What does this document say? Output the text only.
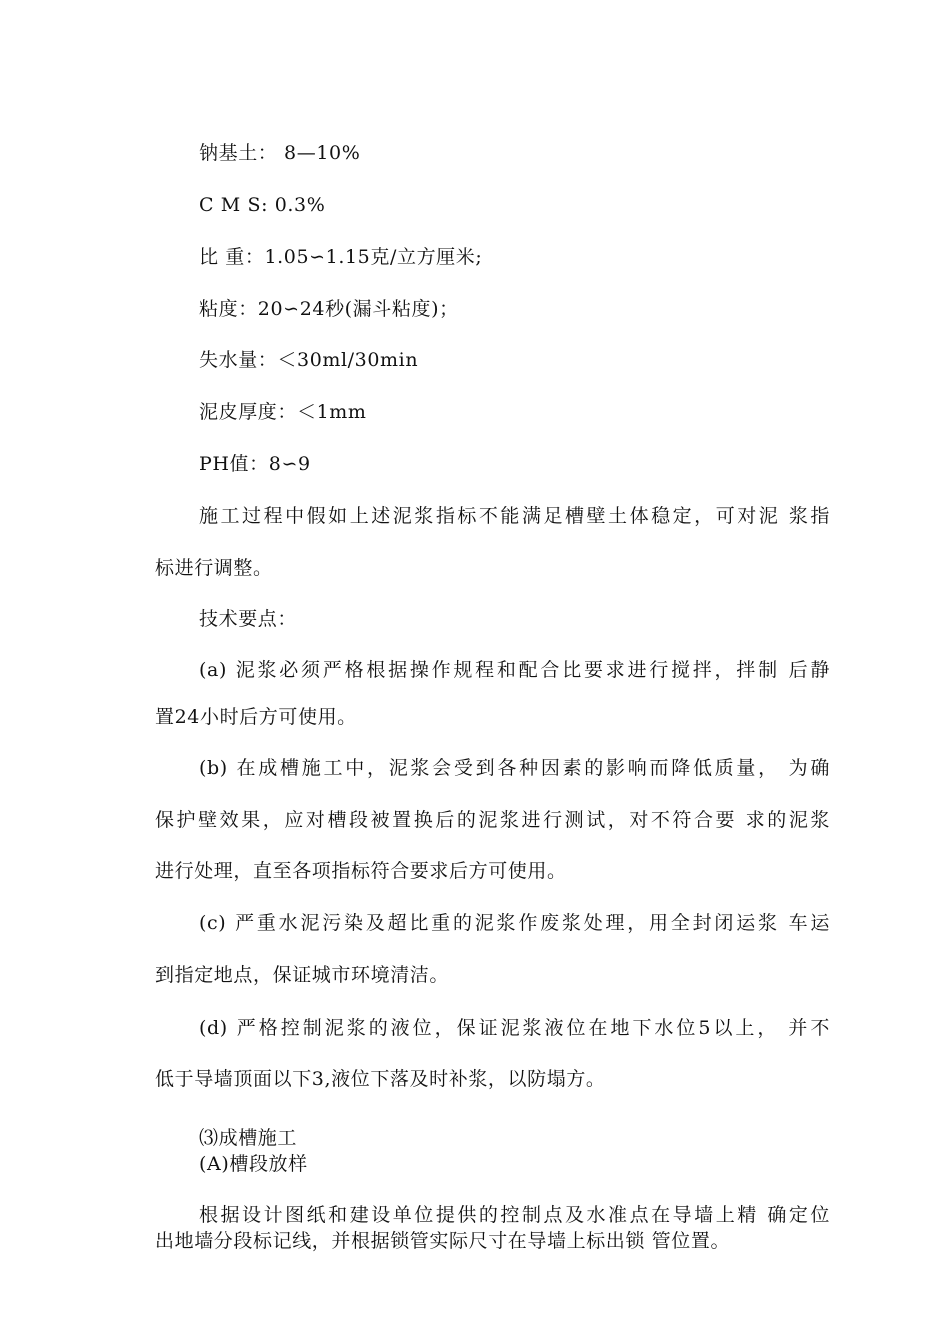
钠基土： 8—10%
C M S: 0.3%
比 重：1.05∽1.15克/立方厘米;
粘度：20∽24秒(漏斗粘度)；
失水量：＜30ml/30min
泥皮厚度：＜1mm
PH值：8∽9
施工过程中假如上述泥浆指标不能满足槽壁土体稳定，可对泥 浆指
标进行调整。
技术要点：
(a) 泥浆必须严格根据操作规程和配合比要求进行搅拌，拌制 后静
置24小时后方可使用。
(b) 在成槽施工中，泥浆会受到各种因素的影响而降低质量， 为确
保护壁效果，应对槽段被置换后的泥浆进行测试，对不符合要 求的泥浆
进行处理，直至各项指标符合要求后方可使用。
(c) 严重水泥污染及超比重的泥浆作废浆处理，用全封闭运浆 车运
到指定地点，保证城市环境清洁。
(d) 严格控制泥浆的液位，保证泥浆液位在地下水位5以上， 并不
低于导墙顶面以下3,液位下落及时补浆，以防塌方。
⑶成槽施工
(A)槽段放样
根据设计图纸和建设单位提供的控制点及水准点在导墙上精 确定位
出地墙分段标记线，并根据锁管实际尺寸在导墙上标出锁 管位置。
